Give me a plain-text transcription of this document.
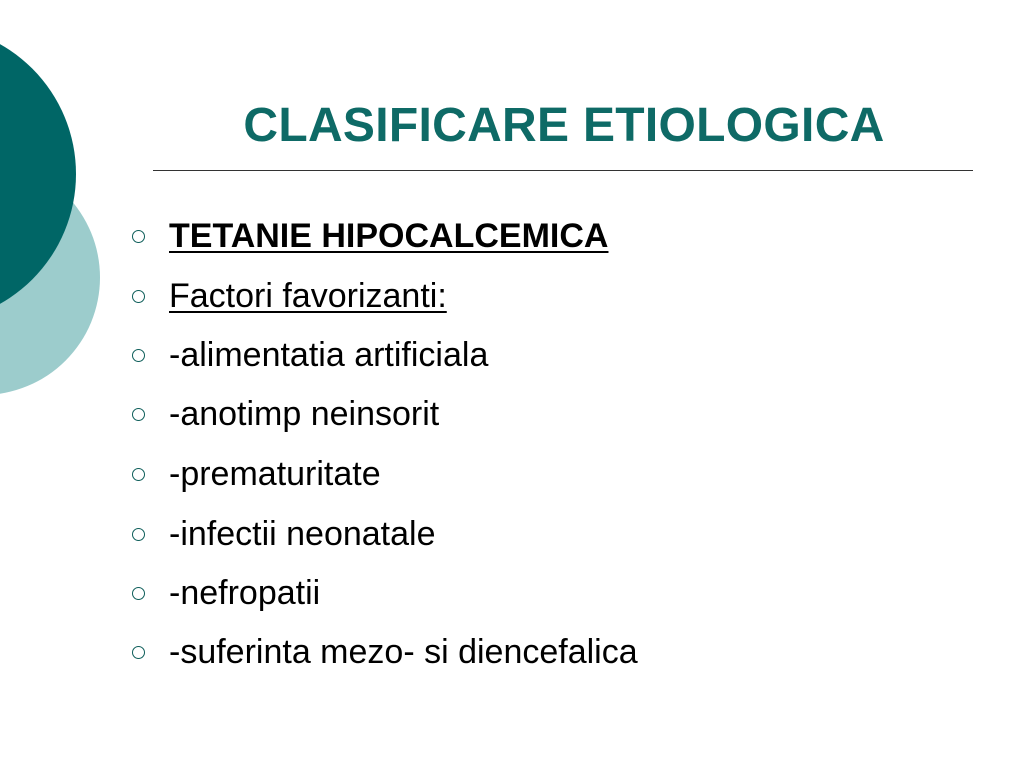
CLASIFICARE ETIOLOGICA
TETANIE HIPOCALCEMICA
Factori favorizanti:
-alimentatia artificiala
-anotimp neinsorit
-prematuritate
-infectii neonatale
-nefropatii
-suferinta mezo- si diencefalica
